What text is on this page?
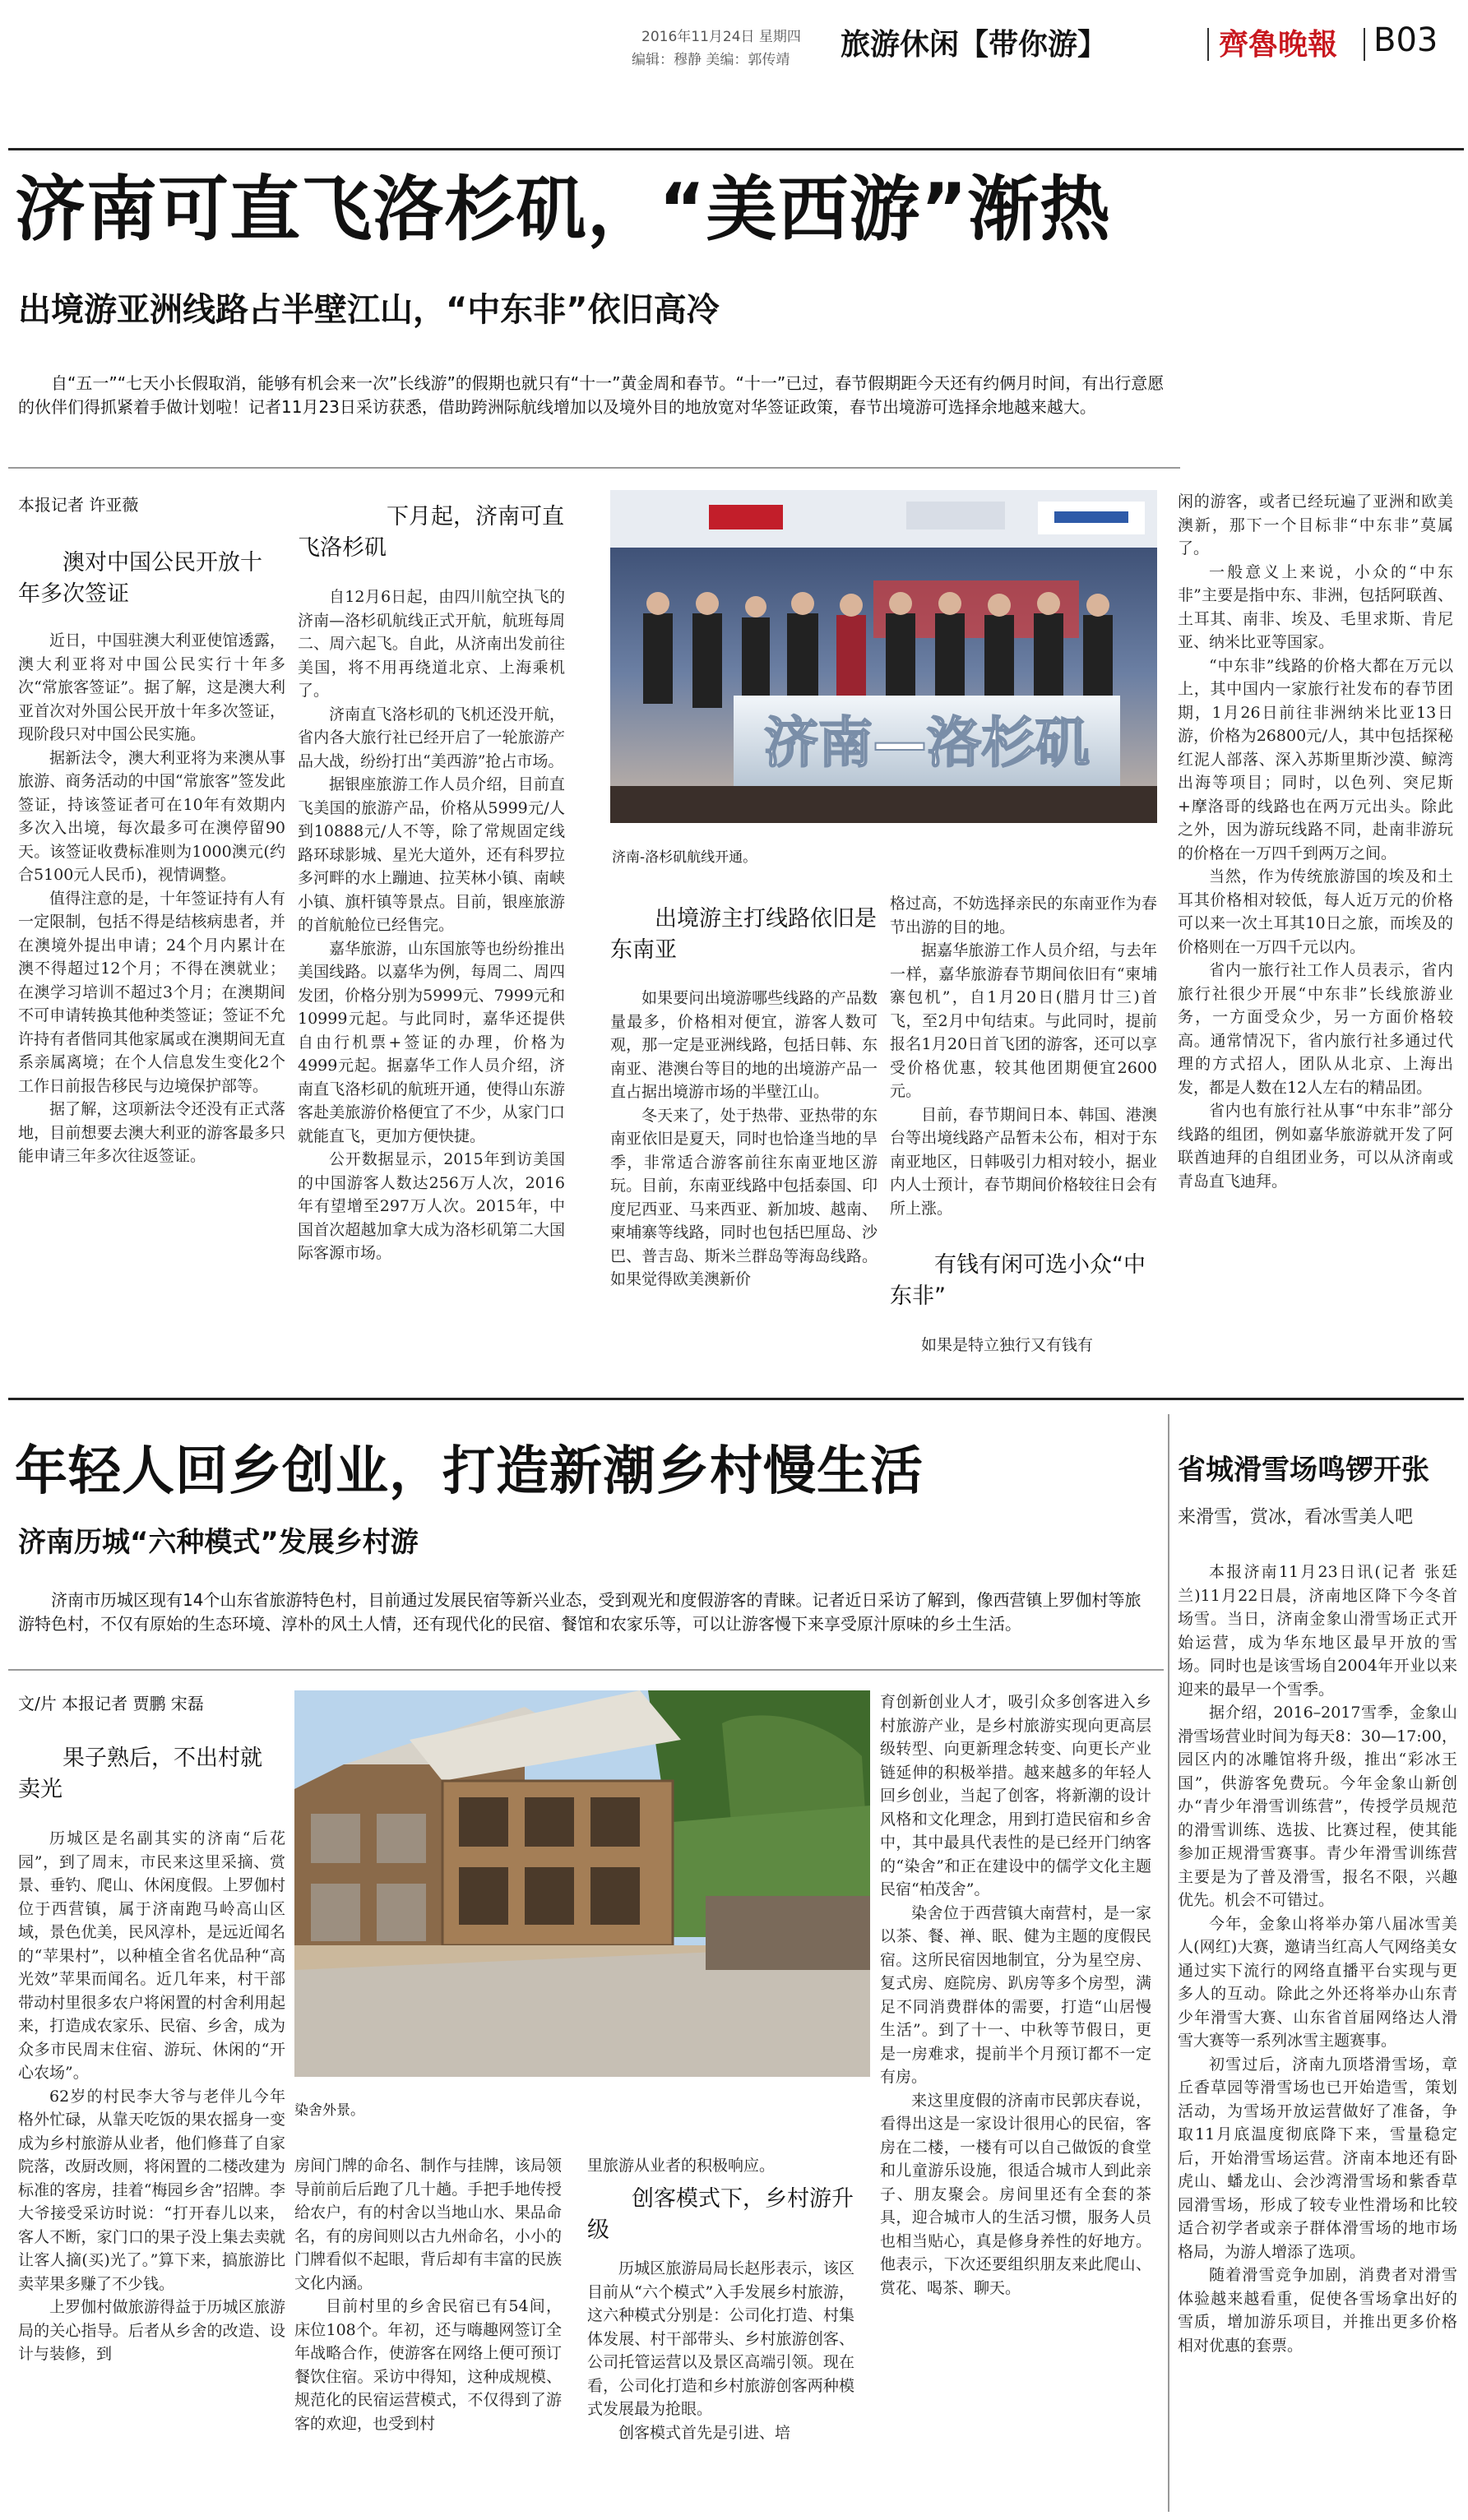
2016年11月24日 星期四
编辑：穆静 美编：郭传靖 旅游休闲【带你游】	齊魯晚報 B03
济南可直飞洛杉矶，“美西游”渐热
出境游亚洲线路占半壁江山，“中东非”依旧高冷
自“五一”“七天小长假取消，能够有机会来一次”长线游”的假期也就只有“十一”黄金周和春节。“十一”已过，春节假期距今天还有约俩月时间，有出行意愿的伙伴们得抓紧着手做计划啦！记者11月23日采访获悉，借助跨洲际航线增加以及境外目的地放宽对华签证政策，春节出境游可选择余地越来越大。
本报记者 许亚薇
澳对中国公民开放十年多次签证

近日，中国驻澳大利亚使馆透露，澳大利亚将对中国公民实行十年多次“常旅客签证”。据了解，这是澳大利亚首次对外国公民开放十年多次签证，现阶段只对中国公民实施。

据新法令，澳大利亚将为来澳从事旅游、商务活动的中国“常旅客”签发此签证，持该签证者可在10年有效期内多次入出境，每次最多可在澳停留90天。该签证收费标准则为1000澳元(约合5100元人民币)，视情调整。

值得注意的是，十年签证持有人有一定限制，包括不得是结核病患者，并在澳境外提出申请；24个月内累计在澳不得超过12个月；不得在澳就业；在澳学习培训不超过3个月；在澳期间不可申请转换其他种类签证；签证不允许持有者偕同其他家属或在澳期间无直系亲属离境；在个人信息发生变化2个工作日前报告移民与边境保护部等。

据了解，这项新法令还没有正式落地，目前想要去澳大利亚的游客最多只能申请三年多次往返签证。

下月起，济南可直飞洛杉矶

自12月6日起，由四川航空执飞的济南—洛杉矶航线正式开航，航班每周二、周六起飞。自此，从济南出发前往美国，将不用再绕道北京、上海乘机了。

济南直飞洛杉矶的飞机还没开航，省内各大旅行社已经开启了一轮旅游产品大战，纷纷打出“美西游”抢占市场。

据银座旅游工作人员介绍，目前直飞美国的旅游产品，价格从5999元/人到10888元/人不等，除了常规固定线路环球影城、星光大道外，还有科罗拉多河畔的水上蹦迪、拉芙林小镇、南峡小镇、旗杆镇等景点。目前，银座旅游的首航舱位已经售完。

嘉华旅游，山东国旅等也纷纷推出美国线路。以嘉华为例，每周二、周四发团，价格分别为5999元、7999元和10999元起。与此同时，嘉华还提供自由行机票+签证的办理，价格为4999元起。据嘉华工作人员介绍，济南直飞洛杉矶的航班开通，使得山东游客赴美旅游价格便宜了不少，从家门口就能直飞，更加方便快捷。

公开数据显示，2015年到访美国的中国游客人数达256万人次，2016年有望增至297万人次。2015年，中国首次超越加拿大成为洛杉矶第二大国际客源市场。

济南—洛杉矶
济南-洛杉矶航线开通。
出境游主打线路依旧是东南亚

如果要问出境游哪些线路的产品数量最多，价格相对便宜，游客人数可观，那一定是亚洲线路，包括日韩、东南亚、港澳台等目的地的出境游产品一直占据出境游市场的半壁江山。

冬天来了，处于热带、亚热带的东南亚依旧是夏天，同时也恰逢当地的旱季，非常适合游客前往东南亚地区游玩。目前，东南亚线路中包括泰国、印度尼西亚、马来西亚、新加坡、越南、柬埔寨等线路，同时也包括巴厘岛、沙巴、普吉岛、斯米兰群岛等海岛线路。如果觉得欧美澳新价

格过高，不妨选择亲民的东南亚作为春节出游的目的地。

据嘉华旅游工作人员介绍，与去年一样，嘉华旅游春节期间依旧有“柬埔寨包机”，自1月20日(腊月廿三)首飞，至2月中旬结束。与此同时，提前报名1月20日首飞团的游客，还可以享受价格优惠，较其他团期便宜2600元。

目前，春节期间日本、韩国、港澳台等出境线路产品暂未公布，相对于东南亚地区，日韩吸引力相对较小，据业内人士预计，春节期间价格较往日会有所上涨。

有钱有闲可选小众“中东非”

如果是特立独行又有钱有

闲的游客，或者已经玩遍了亚洲和欧美澳新，那下一个目标非“中东非”莫属了。

一般意义上来说，小众的“中东非”主要是指中东、非洲，包括阿联酋、土耳其、南非、埃及、毛里求斯、肯尼亚、纳米比亚等国家。

“中东非”线路的价格大都在万元以上，其中国内一家旅行社发布的春节团期，1月26日前往非洲纳米比亚13日游，价格为26800元/人，其中包括探秘红泥人部落、深入苏斯里斯沙漠、鲸湾出海等项目；同时，以色列、突尼斯+摩洛哥的线路也在两万元出头。除此之外，因为游玩线路不同，赴南非游玩的价格在一万四千到两万之间。

当然，作为传统旅游国的埃及和土耳其价格相对较低，每人近万元的价格可以来一次土耳其10日之旅，而埃及的价格则在一万四千元以内。

省内一旅行社工作人员表示，省内旅行社很少开展“中东非”长线旅游业务，一方面受众少，另一方面价格较高。通常情况下，省内旅行社多通过代理的方式招人，团队从北京、上海出发，都是人数在12人左右的精品团。

省内也有旅行社从事“中东非”部分线路的组团，例如嘉华旅游就开发了阿联酋迪拜的自组团业务，可以从济南或青岛直飞迪拜。

年轻人回乡创业，打造新潮乡村慢生活
济南历城“六种模式”发展乡村游
济南市历城区现有14个山东省旅游特色村，目前通过发展民宿等新兴业态，受到观光和度假游客的青睐。记者近日采访了解到，像西营镇上罗伽村等旅游特色村，不仅有原始的生态环境、淳朴的风土人情，还有现代化的民宿、餐馆和农家乐等，可以让游客慢下来享受原汁原味的乡土生活。
文/片 本报记者 贾鹏 宋磊
果子熟后，不出村就卖光

历城区是名副其实的济南“后花园”，到了周末，市民来这里采摘、赏景、垂钓、爬山、休闲度假。上罗伽村位于西营镇，属于济南跑马岭高山区域，景色优美，民风淳朴，是远近闻名的“苹果村”，以种植全省名优品种“高光效”苹果而闻名。近几年来，村干部带动村里很多农户将闲置的村舍利用起来，打造成农家乐、民宿、乡舍，成为众多市民周末住宿、游玩、休闲的“开心农场”。

62岁的村民李大爷与老伴儿今年格外忙碌，从靠天吃饭的果农摇身一变成为乡村旅游从业者，他们修葺了自家院落，改厨改厕，将闲置的二楼改建为标准的客房，挂着“梅园乡舍”招牌。李大爷接受采访时说：“打开春儿以来，客人不断，家门口的果子没上集去卖就让客人摘(买)光了。”算下来，搞旅游比卖苹果多赚了不少钱。

上罗伽村做旅游得益于历城区旅游局的关心指导。后者从乡舍的改造、设计与装修，到

染舍外景。

房间门牌的命名、制作与挂牌，该局领导前前后后跑了几十趟。手把手地传授给农户，有的村舍以当地山水、果品命名，有的房间则以古九州命名，小小的门牌看似不起眼，背后却有丰富的民族文化内涵。

目前村里的乡舍民宿已有54间，床位108个。年初，还与嗨趣网签订全年战略合作，使游客在网络上便可预订餐饮住宿。采访中得知，这种成规模、规范化的民宿运营模式，不仅得到了游客的欢迎，也受到村

里旅游从业者的积极响应。

创客模式下，乡村游升级

历城区旅游局局长赵彤表示，该区目前从“六个模式”入手发展乡村旅游，这六种模式分别是：公司化打造、村集体发展、村干部带头、乡村旅游创客、公司托管运营以及景区高端引领。现在看，公司化打造和乡村旅游创客两种模式发展最为抢眼。

创客模式首先是引进、培

育创新创业人才，吸引众多创客进入乡村旅游产业，是乡村旅游实现向更高层级转型、向更新理念转变、向更长产业链延伸的积极举措。越来越多的年轻人回乡创业，当起了创客，将新潮的设计风格和文化理念，用到打造民宿和乡舍中，其中最具代表性的是已经开门纳客的“染舍”和正在建设中的儒学文化主题民宿“柏茂舍”。

染舍位于西营镇大南营村，是一家以茶、餐、禅、眠、健为主题的度假民宿。这所民宿因地制宜，分为星空房、复式房、庭院房、趴房等多个房型，满足不同消费群体的需要，打造“山居慢生活”。到了十一、中秋等节假日，更是一房难求，提前半个月预订都不一定有房。

来这里度假的济南市民郭庆春说，看得出这是一家设计很用心的民宿，客房在二楼，一楼有可以自己做饭的食堂和儿童游乐设施，很适合城市人到此亲子、朋友聚会。房间里还有全套的茶具，迎合城市人的生活习惯，服务人员也相当贴心，真是修身养性的好地方。他表示，下次还要组织朋友来此爬山、赏花、喝茶、聊天。

省城滑雪场鸣锣开张
来滑雪，赏冰，看冰雪美人吧

本报济南11月23日讯(记者 张廷兰)11月22日晨，济南地区降下今冬首场雪。当日，济南金象山滑雪场正式开始运营，成为华东地区最早开放的雪场。同时也是该雪场自2004年开业以来迎来的最早一个雪季。

据介绍，2016–2017雪季，金象山滑雪场营业时间为每天8：30—17:00，园区内的冰雕馆将升级，推出“彩冰王国”，供游客免费玩。今年金象山新创办“青少年滑雪训练营”，传授学员规范的滑雪训练、选拔、比赛过程，使其能参加正规滑雪赛事。青少年滑雪训练营主要是为了普及滑雪，报名不限，兴趣优先。机会不可错过。

今年，金象山将举办第八届冰雪美人(网红)大赛，邀请当红高人气网络美女通过实下流行的网络直播平台实现与更多人的互动。除此之外还将举办山东青少年滑雪大赛、山东省首届网络达人滑雪大赛等一系列冰雪主题赛事。

初雪过后，济南九顶塔滑雪场，章丘香草园等滑雪场也已开始造雪，策划活动，为雪场开放运营做好了准备，争取11月底温度彻底降下来，雪量稳定后，开始滑雪场运营。济南本地还有卧虎山、蟠龙山、会沙湾滑雪场和紫香草园滑雪场，形成了较专业性滑场和比较适合初学者或亲子群体滑雪场的地市场格局，为游人增添了选项。

随着滑雪竞争加剧，消费者对滑雪体验越来越看重，促使各雪场拿出好的雪质，增加游乐项目，并推出更多价格相对优惠的套票。
